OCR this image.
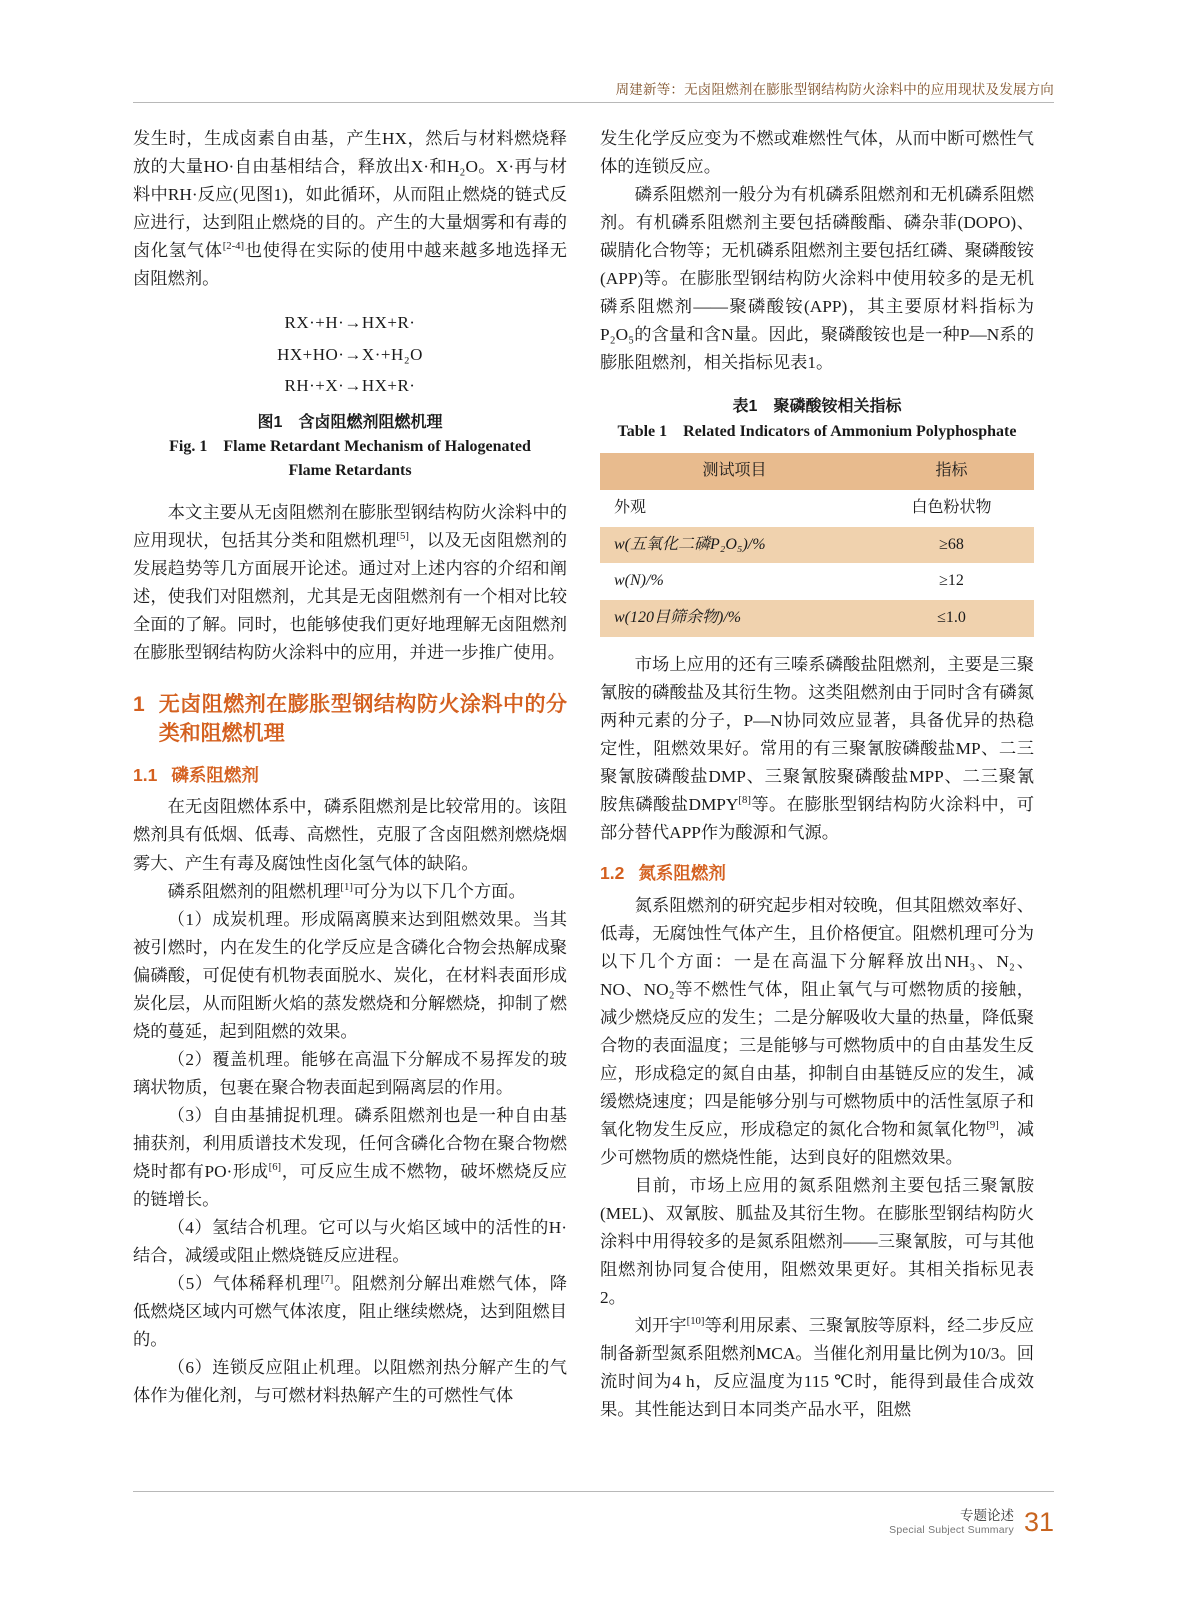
周建新等：无卤阻燃剂在膨胀型钢结构防火涂料中的应用现状及发展方向

发生时，生成卤素自由基，产生HX，然后与材料燃烧释放的大量HO·自由基相结合，释放出X·和H₂O。X·再与材料中RH·反应(见图1)，如此循环，从而阻止燃烧的链式反应进行，达到阻止燃烧的目的。产生的大量烟雾和有毒的卤化氢气体[2-4]也使得在实际的使用中越来越多地选择无卤阻燃剂。

RX·+H·→HX+R·
HX+HO·→X·+H₂O
RH·+X·→HX+R·
图1　含卤阻燃剂阻燃机理
Fig. 1　Flame Retardant Mechanism of Halogenated
Flame Retardants

本文主要从无卤阻燃剂在膨胀型钢结构防火涂料中的应用现状，包括其分类和阻燃机理[5]，以及无卤阻燃剂的发展趋势等几方面展开论述。通过对上述内容的介绍和阐述，使我们对阻燃剂，尤其是无卤阻燃剂有一个相对比较全面的了解。同时，也能够使我们更好地理解无卤阻燃剂在膨胀型钢结构防火涂料中的应用，并进一步推广使用。

1 无卤阻燃剂在膨胀型钢结构防火涂料中的分类和阻燃机理
1.1 磷系阻燃剂

在无卤阻燃体系中，磷系阻燃剂是比较常用的。该阻燃剂具有低烟、低毒、高燃性，克服了含卤阻燃剂燃烧烟雾大、产生有毒及腐蚀性卤化氢气体的缺陷。

磷系阻燃剂的阻燃机理[1]可分为以下几个方面。

（1）成炭机理。形成隔离膜来达到阻燃效果。当其被引燃时，内在发生的化学反应是含磷化合物会热解成聚偏磷酸，可促使有机物表面脱水、炭化，在材料表面形成炭化层，从而阻断火焰的蒸发燃烧和分解燃烧，抑制了燃烧的蔓延，起到阻燃的效果。

（2）覆盖机理。能够在高温下分解成不易挥发的玻璃状物质，包裹在聚合物表面起到隔离层的作用。

（3）自由基捕捉机理。磷系阻燃剂也是一种自由基捕获剂，利用质谱技术发现，任何含磷化合物在聚合物燃烧时都有PO·形成[6]，可反应生成不燃物，破坏燃烧反应的链增长。

（4）氢结合机理。它可以与火焰区域中的活性的H·结合，减缓或阻止燃烧链反应进程。

（5）气体稀释机理[7]。阻燃剂分解出难燃气体，降低燃烧区域内可燃气体浓度，阻止继续燃烧，达到阻燃目的。

（6）连锁反应阻止机理。以阻燃剂热分解产生的气体作为催化剂，与可燃材料热解产生的可燃性气体

发生化学反应变为不燃或难燃性气体，从而中断可燃性气体的连锁反应。

磷系阻燃剂一般分为有机磷系阻燃剂和无机磷系阻燃剂。有机磷系阻燃剂主要包括磷酸酯、磷杂菲(DOPO)、碳腈化合物等；无机磷系阻燃剂主要包括红磷、聚磷酸铵(APP)等。在膨胀型钢结构防火涂料中使用较多的是无机磷系阻燃剂——聚磷酸铵(APP)，其主要原材料指标为P₂O₅的含量和含N量。因此，聚磷酸铵也是一种P—N系的膨胀阻燃剂，相关指标见表1。

表1　聚磷酸铵相关指标
Table 1　Related Indicators of Ammonium Polyphosphate
测试项目	指标
外观	白色粉状物
w(五氧化二磷P₂O₅)/%	≥68
w(N)/%	≥12
w(120目筛余物)/%	≤1.0

市场上应用的还有三嗪系磷酸盐阻燃剂，主要是三聚氰胺的磷酸盐及其衍生物。这类阻燃剂由于同时含有磷氮两种元素的分子，P—N协同效应显著，具备优异的热稳定性，阻燃效果好。常用的有三聚氰胺磷酸盐MP、二三聚氰胺磷酸盐DMP、三聚氰胺聚磷酸盐MPP、二三聚氰胺焦磷酸盐DMPY[8]等。在膨胀型钢结构防火涂料中，可部分替代APP作为酸源和气源。

1.2 氮系阻燃剂

氮系阻燃剂的研究起步相对较晚，但其阻燃效率好、低毒，无腐蚀性气体产生，且价格便宜。阻燃机理可分为以下几个方面：一是在高温下分解释放出NH₃、N₂、NO、NO₂等不燃性气体，阻止氧气与可燃物质的接触，减少燃烧反应的发生；二是分解吸收大量的热量，降低聚合物的表面温度；三是能够与可燃物质中的自由基发生反应，形成稳定的氮自由基，抑制自由基链反应的发生，减缓燃烧速度；四是能够分别与可燃物质中的活性氢原子和氧化物发生反应，形成稳定的氮化合物和氮氧化物[9]，减少可燃物质的燃烧性能，达到良好的阻燃效果。

目前，市场上应用的氮系阻燃剂主要包括三聚氰胺(MEL)、双氰胺、胍盐及其衍生物。在膨胀型钢结构防火涂料中用得较多的是氮系阻燃剂——三聚氰胺，可与其他阻燃剂协同复合使用，阻燃效果更好。其相关指标见表2。

刘开宇[10]等利用尿素、三聚氰胺等原料，经二步反应制备新型氮系阻燃剂MCA。当催化剂用量比例为10/3。回流时间为4 h，反应温度为115 ℃时，能得到最佳合成效果。其性能达到日本同类产品水平，阻燃

专题论述
Special Subject Summary 31
